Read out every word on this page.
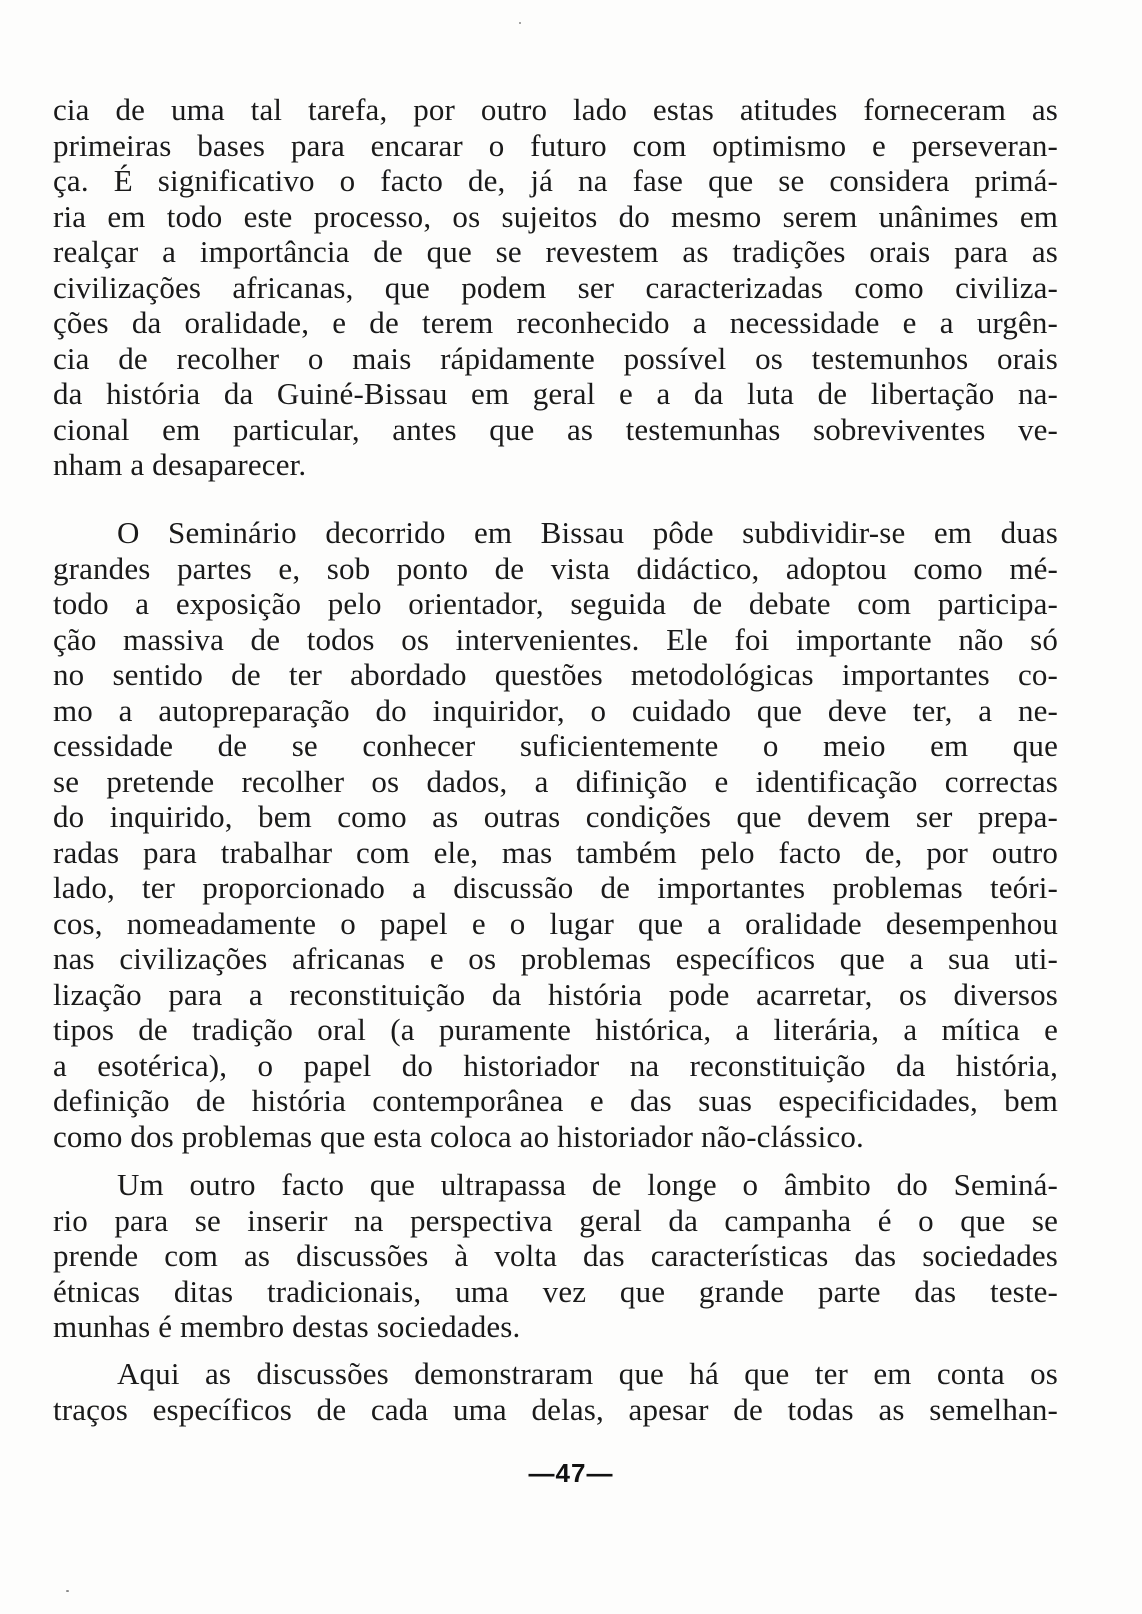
cia de uma tal tarefa, por outro lado estas atitudes forneceram as
primeiras bases para encarar o futuro com optimismo e perseveran-
ça. É significativo o facto de, já na fase que se considera primá-
ria em todo este processo, os sujeitos do mesmo serem unânimes em
realçar a importância de que se revestem as tradições orais para as
civilizações africanas, que podem ser caracterizadas como civiliza-
ções da oralidade, e de terem reconhecido a necessidade e a urgên-
cia de recolher o mais rápidamente possível os testemunhos orais
da história da Guiné-Bissau em geral e a da luta de libertação na-
cional em particular, antes que as testemunhas sobreviventes ve-
nham a desaparecer.
O Seminário decorrido em Bissau pôde subdividir-se em duas
grandes partes e, sob ponto de vista didáctico, adoptou como mé-
todo a exposição pelo orientador, seguida de debate com participa-
ção massiva de todos os intervenientes. Ele foi importante não só
no sentido de ter abordado questões metodológicas importantes co-
mo a autopreparação do inquiridor, o cuidado que deve ter, a ne-
cessidade de se conhecer suficientemente o meio em que
se pretende recolher os dados, a difinição e identificação correctas
do inquirido, bem como as outras condições que devem ser prepa-
radas para trabalhar com ele, mas também pelo facto de, por outro
lado, ter proporcionado a discussão de importantes problemas teóri-
cos, nomeadamente o papel e o lugar que a oralidade desempenhou
nas civilizações africanas e os problemas específicos que a sua uti-
lização para a reconstituição da história pode acarretar, os diversos
tipos de tradição oral (a puramente histórica, a literária, a mítica e
a esotérica), o papel do historiador na reconstituição da história,
definição de história contemporânea e das suas especificidades, bem
como dos problemas que esta coloca ao historiador não-clássico.
Um outro facto que ultrapassa de longe o âmbito do Seminá-
rio para se inserir na perspectiva geral da campanha é o que se
prende com as discussões à volta das características das sociedades
étnicas ditas tradicionais, uma vez que grande parte das teste-
munhas é membro destas sociedades.
Aqui as discussões demonstraram que há que ter em conta os
traços específicos de cada uma delas, apesar de todas as semelhan-
—47—
